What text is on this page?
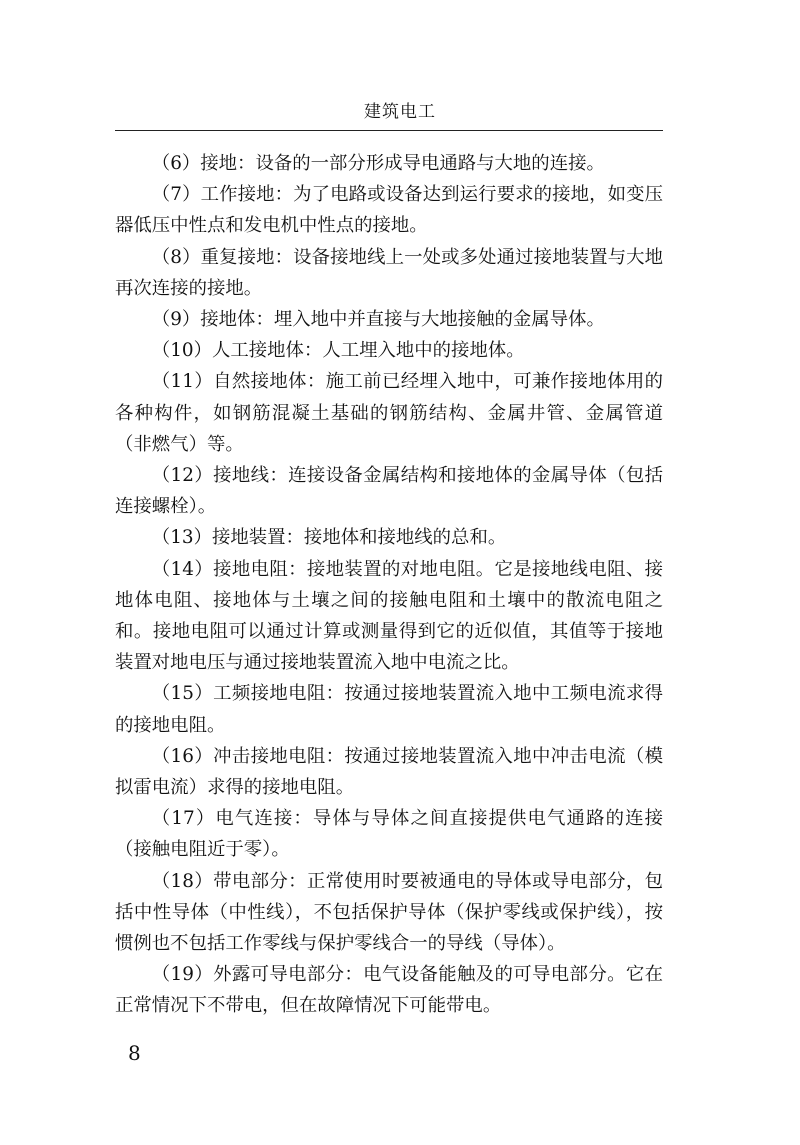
建筑电工

（6）接地：设备的一部分形成导电通路与大地的连接。

（7）工作接地：为了电路或设备达到运行要求的接地，如变压器低压中性点和发电机中性点的接地。

（8）重复接地：设备接地线上一处或多处通过接地装置与大地再次连接的接地。

（9）接地体：埋入地中并直接与大地接触的金属导体。

（10）人工接地体：人工埋入地中的接地体。

（11）自然接地体：施工前已经埋入地中，可兼作接地体用的各种构件，如钢筋混凝土基础的钢筋结构、金属井管、金属管道（非燃气）等。

（12）接地线：连接设备金属结构和接地体的金属导体（包括连接螺栓）。

（13）接地装置：接地体和接地线的总和。

（14）接地电阻：接地装置的对地电阻。它是接地线电阻、接地体电阻、接地体与土壤之间的接触电阻和土壤中的散流电阻之和。接地电阻可以通过计算或测量得到它的近似值，其值等于接地装置对地电压与通过接地装置流入地中电流之比。

（15）工频接地电阻：按通过接地装置流入地中工频电流求得的接地电阻。

（16）冲击接地电阻：按通过接地装置流入地中冲击电流（模拟雷电流）求得的接地电阻。

（17）电气连接：导体与导体之间直接提供电气通路的连接（接触电阻近于零）。

（18）带电部分：正常使用时要被通电的导体或导电部分，包括中性导体（中性线），不包括保护导体（保护零线或保护线），按惯例也不包括工作零线与保护零线合一的导线（导体）。

（19）外露可导电部分：电气设备能触及的可导电部分。它在正常情况下不带电，但在故障情况下可能带电。

8
